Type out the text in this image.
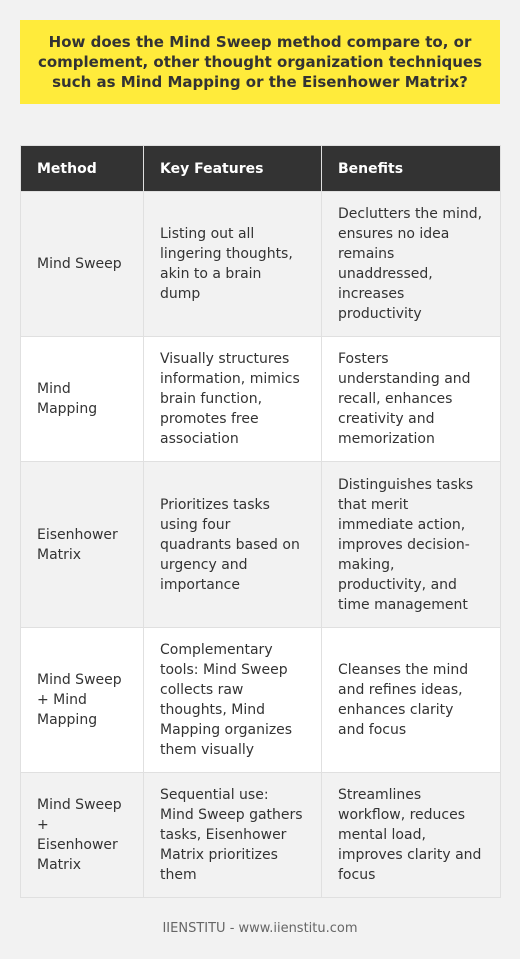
How does the Mind Sweep method compare to, or complement, other thought organization techniques such as Mind Mapping or the Eisenhower Matrix?
Method	Key Features	Benefits
Mind Sweep	Listing out all lingering thoughts, akin to a brain dump	Declutters the mind, ensures no idea remains unaddressed, increases productivity
Mind Mapping	Visually structures information, mimics brain function, promotes free association	Fosters understanding and recall, enhances creativity and memorization
Eisenhower Matrix	Prioritizes tasks using four quadrants based on urgency and importance	Distinguishes tasks that merit immediate action, improves decision-making, productivity, and time management
Mind Sweep + Mind Mapping	Complementary tools: Mind Sweep collects raw thoughts, Mind Mapping organizes them visually	Cleanses the mind and refines ideas, enhances clarity and focus
Mind Sweep + Eisenhower Matrix	Sequential use: Mind Sweep gathers tasks, Eisenhower Matrix prioritizes them	Streamlines workflow, reduces mental load, improves clarity and focus
IIENSTITU - www.iienstitu.com
